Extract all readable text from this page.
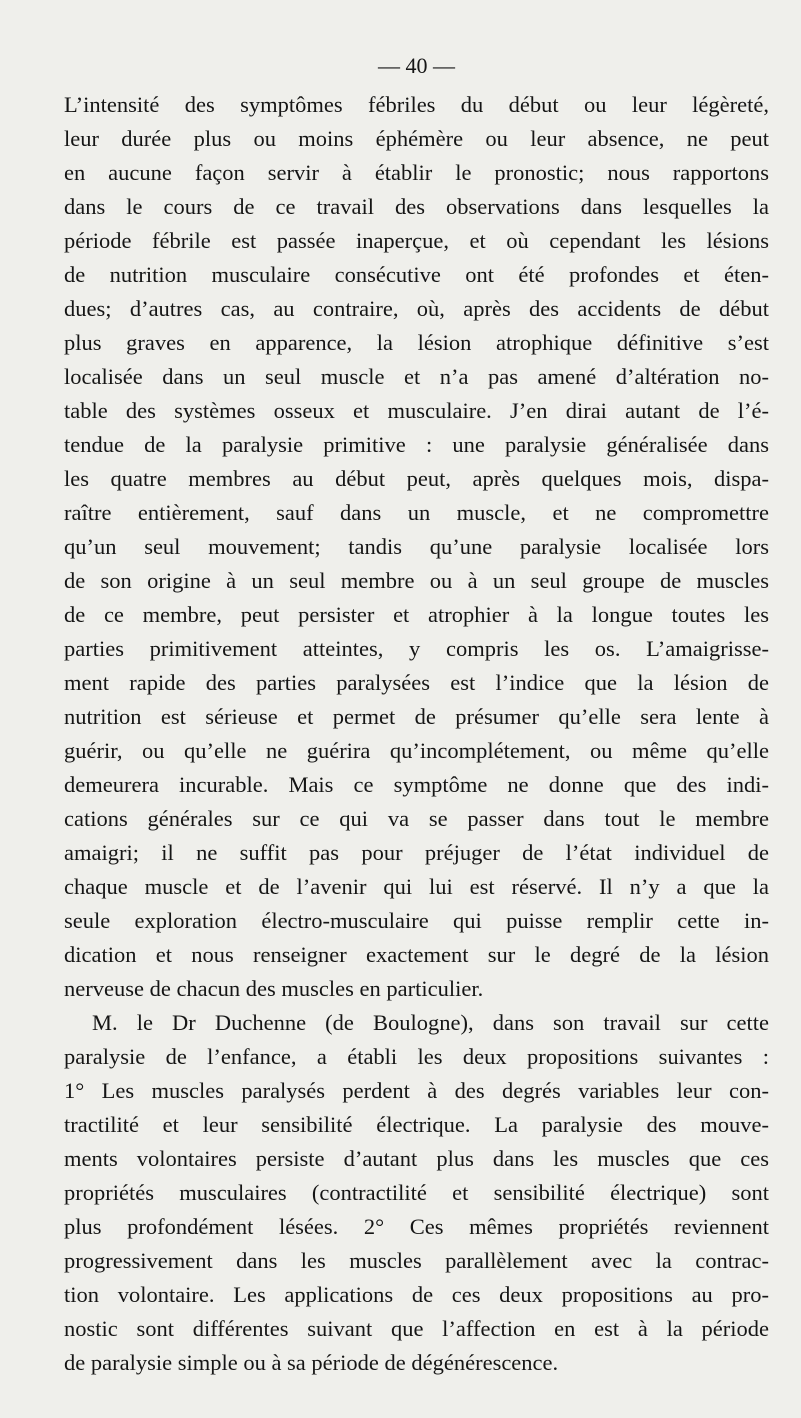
— 40 —
L’intensité des symptômes fébriles du début ou leur légèreté,
leur durée plus ou moins éphémère ou leur absence, ne peut
en aucune façon servir à établir le pronostic; nous rapportons
dans le cours de ce travail des observations dans lesquelles la
période fébrile est passée inaperçue, et où cependant les lésions
de nutrition musculaire consécutive ont été profondes et éten-
dues; d’autres cas, au contraire, où, après des accidents de début
plus graves en apparence, la lésion atrophique définitive s’est
localisée dans un seul muscle et n’a pas amené d’altération no-
table des systèmes osseux et musculaire. J’en dirai autant de l’é-
tendue de la paralysie primitive : une paralysie généralisée dans
les quatre membres au début peut, après quelques mois, dispa-
raître entièrement, sauf dans un muscle, et ne compromettre
qu’un seul mouvement; tandis qu’une paralysie localisée lors
de son origine à un seul membre ou à un seul groupe de muscles
de ce membre, peut persister et atrophier à la longue toutes les
parties primitivement atteintes, y compris les os. L’amaigrisse-
ment rapide des parties paralysées est l’indice que la lésion de
nutrition est sérieuse et permet de présumer qu’elle sera lente à
guérir, ou qu’elle ne guérira qu’incomplétement, ou même qu’elle
demeurera incurable. Mais ce symptôme ne donne que des indi-
cations générales sur ce qui va se passer dans tout le membre
amaigri; il ne suffit pas pour préjuger de l’état individuel de
chaque muscle et de l’avenir qui lui est réservé. Il n’y a que la
seule exploration électro-musculaire qui puisse remplir cette in-
dication et nous renseigner exactement sur le degré de la lésion
nerveuse de chacun des muscles en particulier.
M. le Dr Duchenne (de Boulogne), dans son travail sur cette
paralysie de l’enfance, a établi les deux propositions suivantes :
1° Les muscles paralysés perdent à des degrés variables leur con-
tractilité et leur sensibilité électrique. La paralysie des mouve-
ments volontaires persiste d’autant plus dans les muscles que ces
propriétés musculaires (contractilité et sensibilité électrique) sont
plus profondément lésées. 2° Ces mêmes propriétés reviennent
progressivement dans les muscles parallèlement avec la contrac-
tion volontaire. Les applications de ces deux propositions au pro-
nostic sont différentes suivant que l’affection en est à la période
de paralysie simple ou à sa période de dégénérescence.
